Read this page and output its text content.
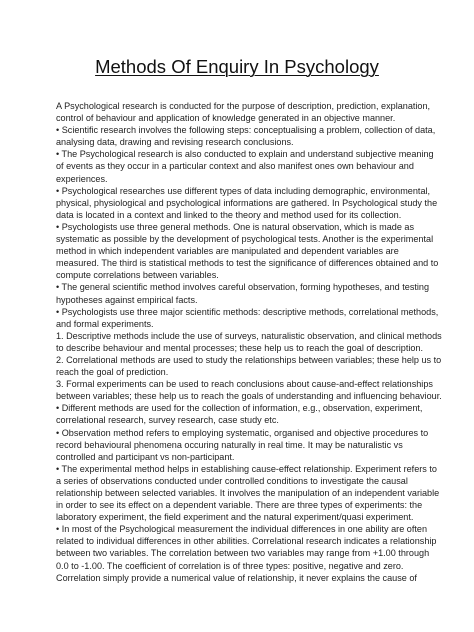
Methods Of Enquiry In Psychology
A Psychological research is conducted for the purpose of description, prediction, explanation,
control of behaviour and application of knowledge generated in an objective manner.
• Scientific research involves the following steps: conceptualising a problem, collection of data,
analysing data, drawing and revising research conclusions.
• The Psychological research is also conducted to explain and understand subjective meaning
of events as they occur in a particular context and also manifest ones own behaviour and
experiences.
• Psychological researches use different types of data including demographic, environmental,
physical, physiological and psychological informations are gathered. In Psychological study the
data is located in a context and linked to the theory and method used for its collection.
• Psychologists use three general methods. One is natural observation, which is made as
systematic as possible by the development of psychological tests. Another is the experimental
method in which independent variables are manipulated and dependent variables are
measured. The third is statistical methods to test the significance of differences obtained and to
compute correlations between variables.
• The general scientific method involves careful observation, forming hypotheses, and testing
hypotheses against empirical facts.
• Psychologists use three major scientific methods: descriptive methods, correlational methods,
and formal experiments.
1. Descriptive methods include the use of surveys, naturalistic observation, and clinical methods
to describe behaviour and mental processes; these help us to reach the goal of description.
2. Correlational methods are used to study the relationships between variables; these help us to
reach the goal of prediction.
3. Formal experiments can be used to reach conclusions about cause-and-effect relationships
between variables; these help us to reach the goals of understanding and influencing behaviour.
• Different methods are used for the collection of information, e.g., observation, experiment,
correlational research, survey research, case study etc.
• Observation method refers to employing systematic, organised and objective procedures to
record behavioural phenomena occuring naturally in real time. It may be naturalistic vs
controlled and participant vs non-participant.
• The experimental method helps in establishing cause-effect relationship. Experiment refers to
a series of observations conducted under controlled conditions to investigate the causal
relationship between selected variables. It involves the manipulation of an independent variable
in order to see its effect on a dependent variable. There are three types of experiments: the
laboratory experiment, the field experiment and the natural experiment/quasi experiment.
• In most of the Psychological measurement the individual differences in one ability are often
related to individual differences in other abilities. Correlational research indicates a relationship
between two variables. The correlation between two variables may range from +1.00 through
0.0 to -1.00. The coefficient of correlation is of three types: positive, negative and zero.
Correlation simply provide a numerical value of relationship, it never explains the cause of
